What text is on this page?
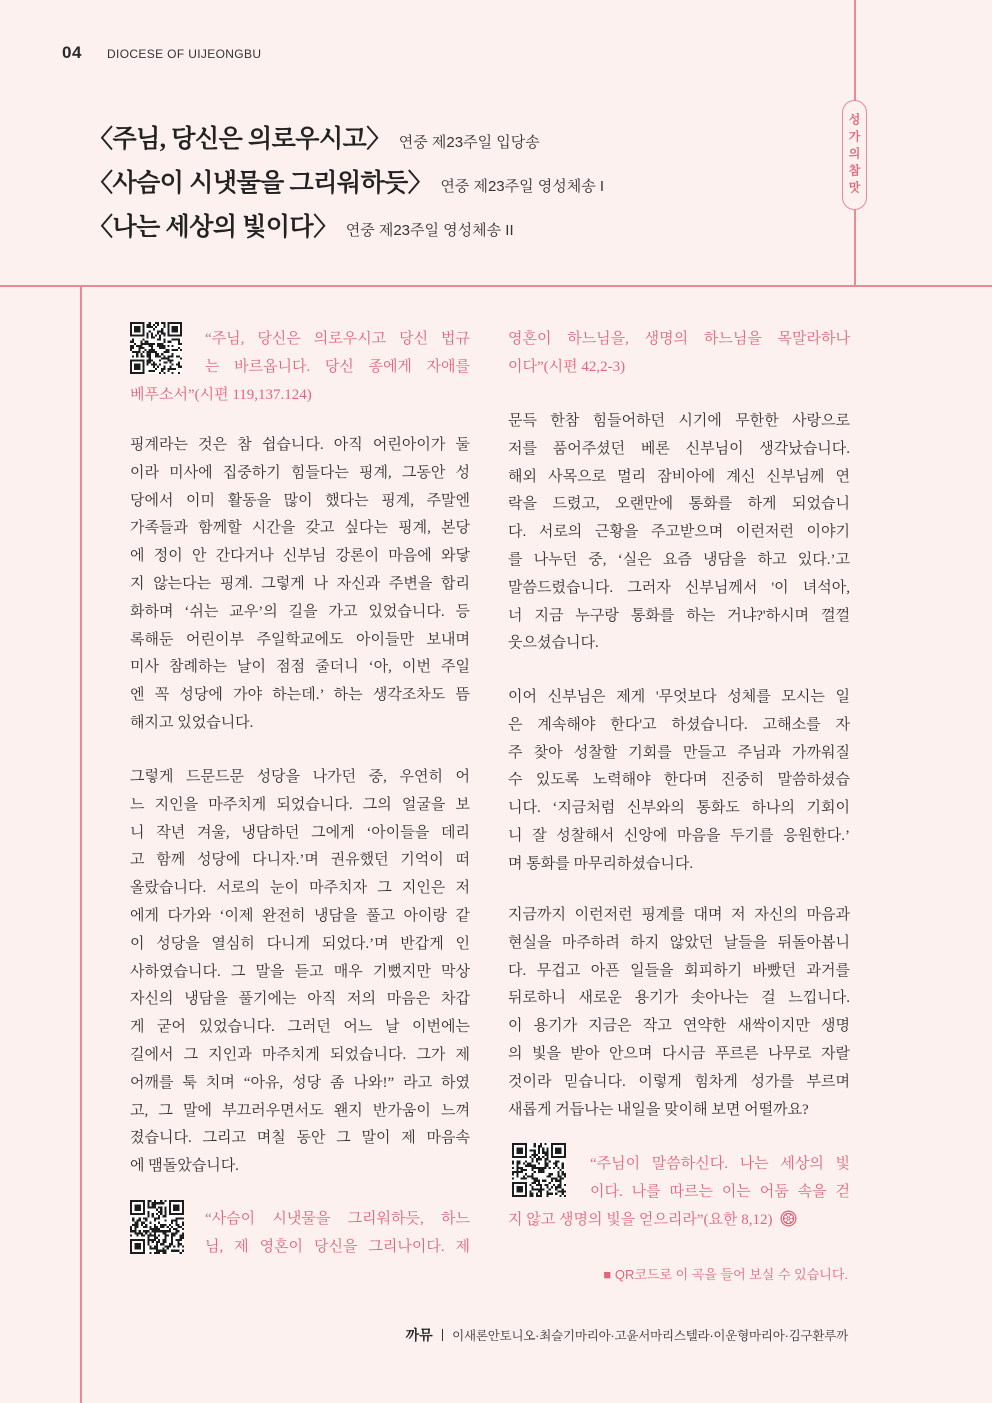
04 DIOCESE OF UIJEONGBU
성가의참맛
〈주님, 당신은 의로우시고〉 연중 제23주일 입당송
〈사슴이 시냇물을 그리워하듯〉 연중 제23주일 영성체송 I
〈나는 세상의 빛이다〉 연중 제23주일 영성체송 II
“주님, 당신은 의로우시고 당신 법규
는 바르옵니다. 당신 종에게 자애를
베푸소서”(시편 119,137.124)
핑계라는 것은 참 쉽습니다. 아직 어린아이가 둘
이라 미사에 집중하기 힘들다는 핑계, 그동안 성
당에서 이미 활동을 많이 했다는 핑계, 주말엔
가족들과 함께할 시간을 갖고 싶다는 핑계, 본당
에 정이 안 간다거나 신부님 강론이 마음에 와닿
지 않는다는 핑계. 그렇게 나 자신과 주변을 합리
화하며 ‘쉬는 교우’의 길을 가고 있었습니다. 등
록해둔 어린이부 주일학교에도 아이들만 보내며
미사 참례하는 날이 점점 줄더니 ‘아, 이번 주일
엔 꼭 성당에 가야 하는데.’ 하는 생각조차도 뜸
해지고 있었습니다.
그렇게 드문드문 성당을 나가던 중, 우연히 어
느 지인을 마주치게 되었습니다. 그의 얼굴을 보
니 작년 겨울, 냉담하던 그에게 ‘아이들을 데리
고 함께 성당에 다니자.’며 권유했던 기억이 떠
올랐습니다. 서로의 눈이 마주치자 그 지인은 저
에게 다가와 ‘이제 완전히 냉담을 풀고 아이랑 같
이 성당을 열심히 다니게 되었다.’며 반갑게 인
사하였습니다. 그 말을 듣고 매우 기뻤지만 막상
자신의 냉담을 풀기에는 아직 저의 마음은 차갑
게 굳어 있었습니다. 그러던 어느 날 이번에는
길에서 그 지인과 마주치게 되었습니다. 그가 제
어깨를 툭 치며 “아유, 성당 좀 나와!” 라고 하였
고, 그 말에 부끄러우면서도 왠지 반가움이 느껴
졌습니다. 그리고 며칠 동안 그 말이 제 마음속
에 맴돌았습니다.
“사슴이 시냇물을 그리워하듯, 하느
님, 제 영혼이 당신을 그리나이다. 제
영혼이 하느님을, 생명의 하느님을 목말라하나
이다”(시편 42,2-3)
문득 한참 힘들어하던 시기에 무한한 사랑으로
저를 품어주셨던 베론 신부님이 생각났습니다.
해외 사목으로 멀리 잠비아에 계신 신부님께 연
락을 드렸고, 오랜만에 통화를 하게 되었습니
다. 서로의 근황을 주고받으며 이런저런 이야기
를 나누던 중, ‘실은 요즘 냉담을 하고 있다.’고
말씀드렸습니다. 그러자 신부님께서 '이 녀석아,
너 지금 누구랑 통화를 하는 거냐?'하시며 껄껄
웃으셨습니다.
이어 신부님은 제게 '무엇보다 성체를 모시는 일
은 계속해야 한다'고 하셨습니다. 고해소를 자
주 찾아 성찰할 기회를 만들고 주님과 가까워질
수 있도록 노력해야 한다며 진중히 말씀하셨습
니다. ‘지금처럼 신부와의 통화도 하나의 기회이
니 잘 성찰해서 신앙에 마음을 두기를 응원한다.’
며 통화를 마무리하셨습니다.
지금까지 이런저런 핑계를 대며 저 자신의 마음과
현실을 마주하려 하지 않았던 날들을 뒤돌아봅니
다. 무겁고 아픈 일들을 회피하기 바빴던 과거를
뒤로하니 새로운 용기가 솟아나는 걸 느낍니다.
이 용기가 지금은 작고 연약한 새싹이지만 생명
의 빛을 받아 안으며 다시금 푸르른 나무로 자랄
것이라 믿습니다. 이렇게 힘차게 성가를 부르며
새롭게 거듭나는 내일을 맞이해 보면 어떨까요?
“주님이 말씀하신다. 나는 세상의 빛
이다. 나를 따르는 이는 어둠 속을 걷
지 않고 생명의 빛을 얻으리라”(요한 8,12)
■ QR코드로 이 곡을 들어 보실 수 있습니다.
까뮤 이새론안토니오·최슬기마리아·고윤서마리스텔라·이운형마리아·김구환루까
